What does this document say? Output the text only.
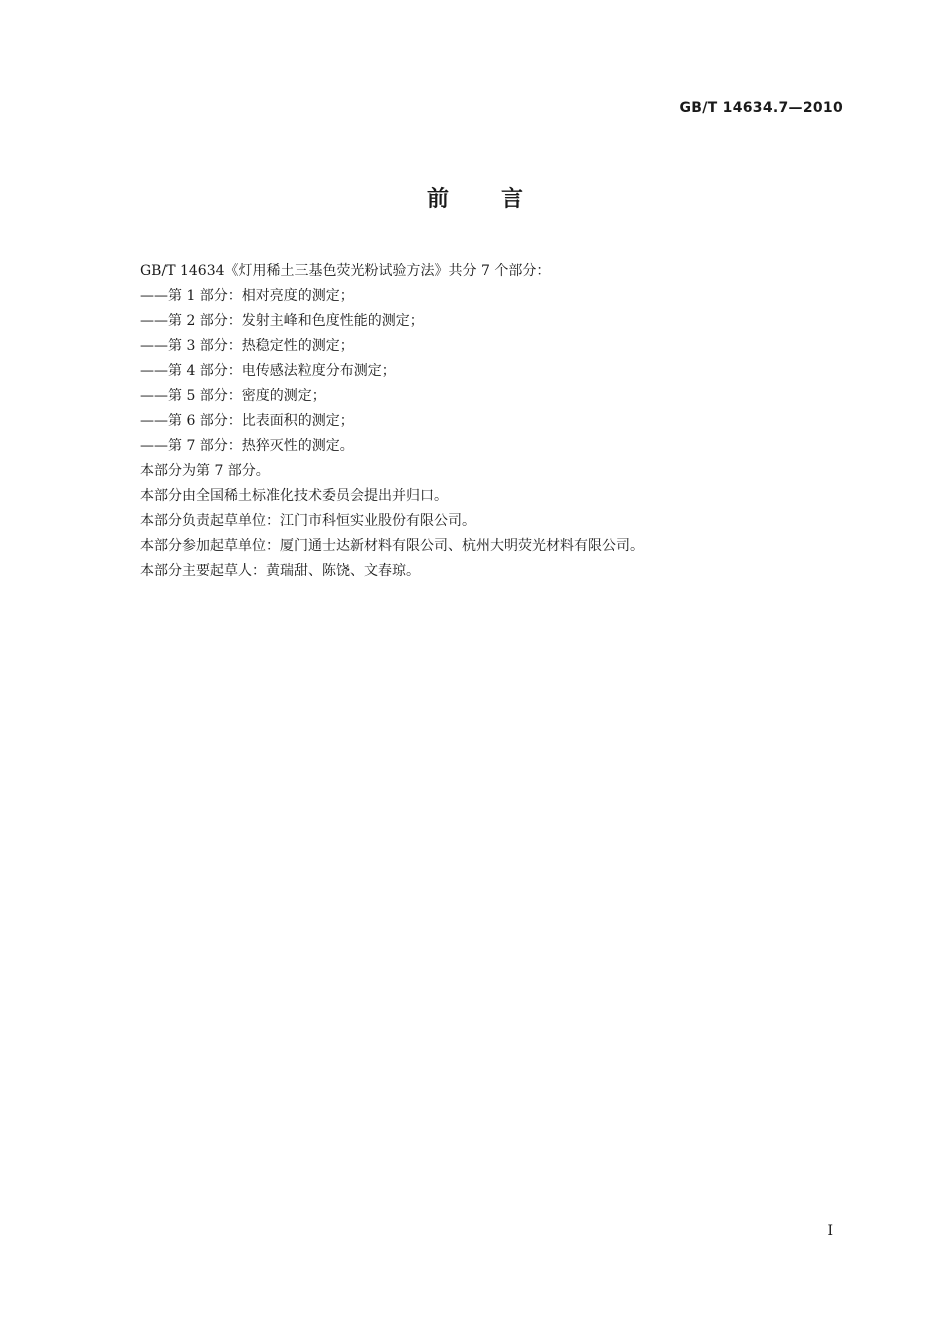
GB/T 14634.7—2010
前言
GB/T 14634《灯用稀土三基色荧光粉试验方法》共分 7 个部分：
——第 1 部分：相对亮度的测定；
——第 2 部分：发射主峰和色度性能的测定；
——第 3 部分：热稳定性的测定；
——第 4 部分：电传感法粒度分布测定；
——第 5 部分：密度的测定；
——第 6 部分：比表面积的测定；
——第 7 部分：热猝灭性的测定。
本部分为第 7 部分。
本部分由全国稀土标准化技术委员会提出并归口。
本部分负责起草单位：江门市科恒实业股份有限公司。
本部分参加起草单位：厦门通士达新材料有限公司、杭州大明荧光材料有限公司。
本部分主要起草人：黄瑞甜、陈饶、文春琼。
I
